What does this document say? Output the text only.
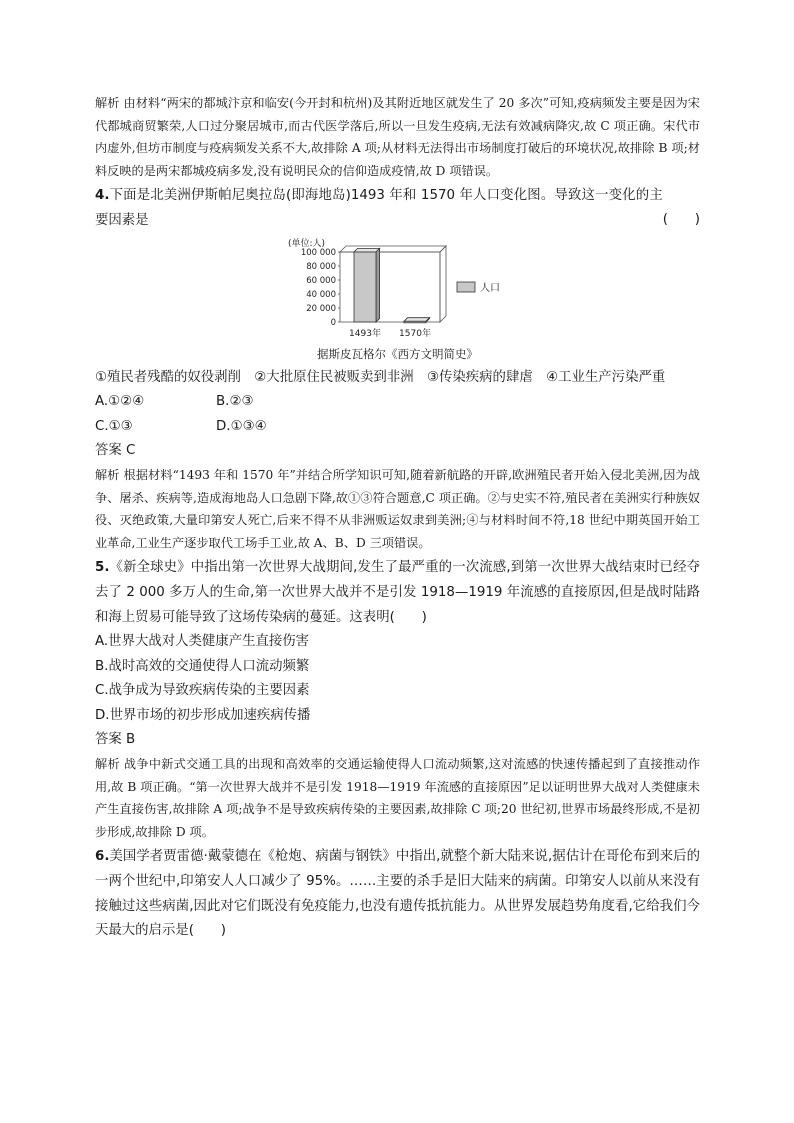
解析 由材料“两宋的都城汴京和临安(今开封和杭州)及其附近地区就发生了 20 多次”可知,疫病频发主要是因为宋代都城商贸繁荣,人口过分聚居城市,而古代医学落后,所以一旦发生疫病,无法有效减病降灾,故 C 项正确。宋代市内虚外,但坊市制度与疫病频发关系不大,故排除 A 项;从材料无法得出市场制度打破后的环境状况,故排除 B 项;材料反映的是两宋都城疫病多发,没有说明民众的信仰造成疫情,故 D 项错误。

(　　)
4.下面是北美洲伊斯帕尼奥拉岛(即海地岛)1493 年和 1570 年人口变化图。导致这一变化的主要因素是

(单位:人)
100 000
80 000
60 000
40 000
20 000
0
1493年 1570年
人口

据斯皮瓦格尔《西方文明简史》

①殖民者残酷的奴役剥削　②大批原住民被贩卖到非洲　③传染疾病的肆虐　④工业生产污染严重

A.①②④	B.②③
C.①③	D.①③④

答案 C

解析 根据材料“1493 年和 1570 年”并结合所学知识可知,随着新航路的开辟,欧洲殖民者开始入侵北美洲,因为战争、屠杀、疾病等,造成海地岛人口急剧下降,故①③符合题意,C 项正确。②与史实不符,殖民者在美洲实行种族奴役、灭绝政策,大量印第安人死亡,后来不得不从非洲贩运奴隶到美洲;④与材料时间不符,18 世纪中期英国开始工业革命,工业生产逐步取代工场手工业,故 A、B、D 三项错误。

5.《新全球史》中指出第一次世界大战期间,发生了最严重的一次流感,到第一次世界大战结束时已经夺去了 2 000 多万人的生命,第一次世界大战并不是引发 1918—1919 年流感的直接原因,但是战时陆路和海上贸易可能导致了这场传染病的蔓延。这表明(　　)

A.世界大战对人类健康产生直接伤害

B.战时高效的交通使得人口流动频繁

C.战争成为导致疾病传染的主要因素

D.世界市场的初步形成加速疾病传播

答案 B

解析 战争中新式交通工具的出现和高效率的交通运输使得人口流动频繁,这对流感的快速传播起到了直接推动作用,故 B 项正确。“第一次世界大战并不是引发 1918—1919 年流感的直接原因”足以证明世界大战对人类健康未产生直接伤害,故排除 A 项;战争不是导致疾病传染的主要因素,故排除 C 项;20 世纪初,世界市场最终形成,不是初步形成,故排除 D 项。

6.美国学者贾雷德·戴蒙德在《枪炮、病菌与钢铁》中指出,就整个新大陆来说,据估计在哥伦布到来后的一两个世纪中,印第安人人口减少了 95%。……主要的杀手是旧大陆来的病菌。印第安人以前从来没有接触过这些病菌,因此对它们既没有免疫能力,也没有遗传抵抗能力。从世界发展趋势角度看,它给我们今天最大的启示是(　　)
